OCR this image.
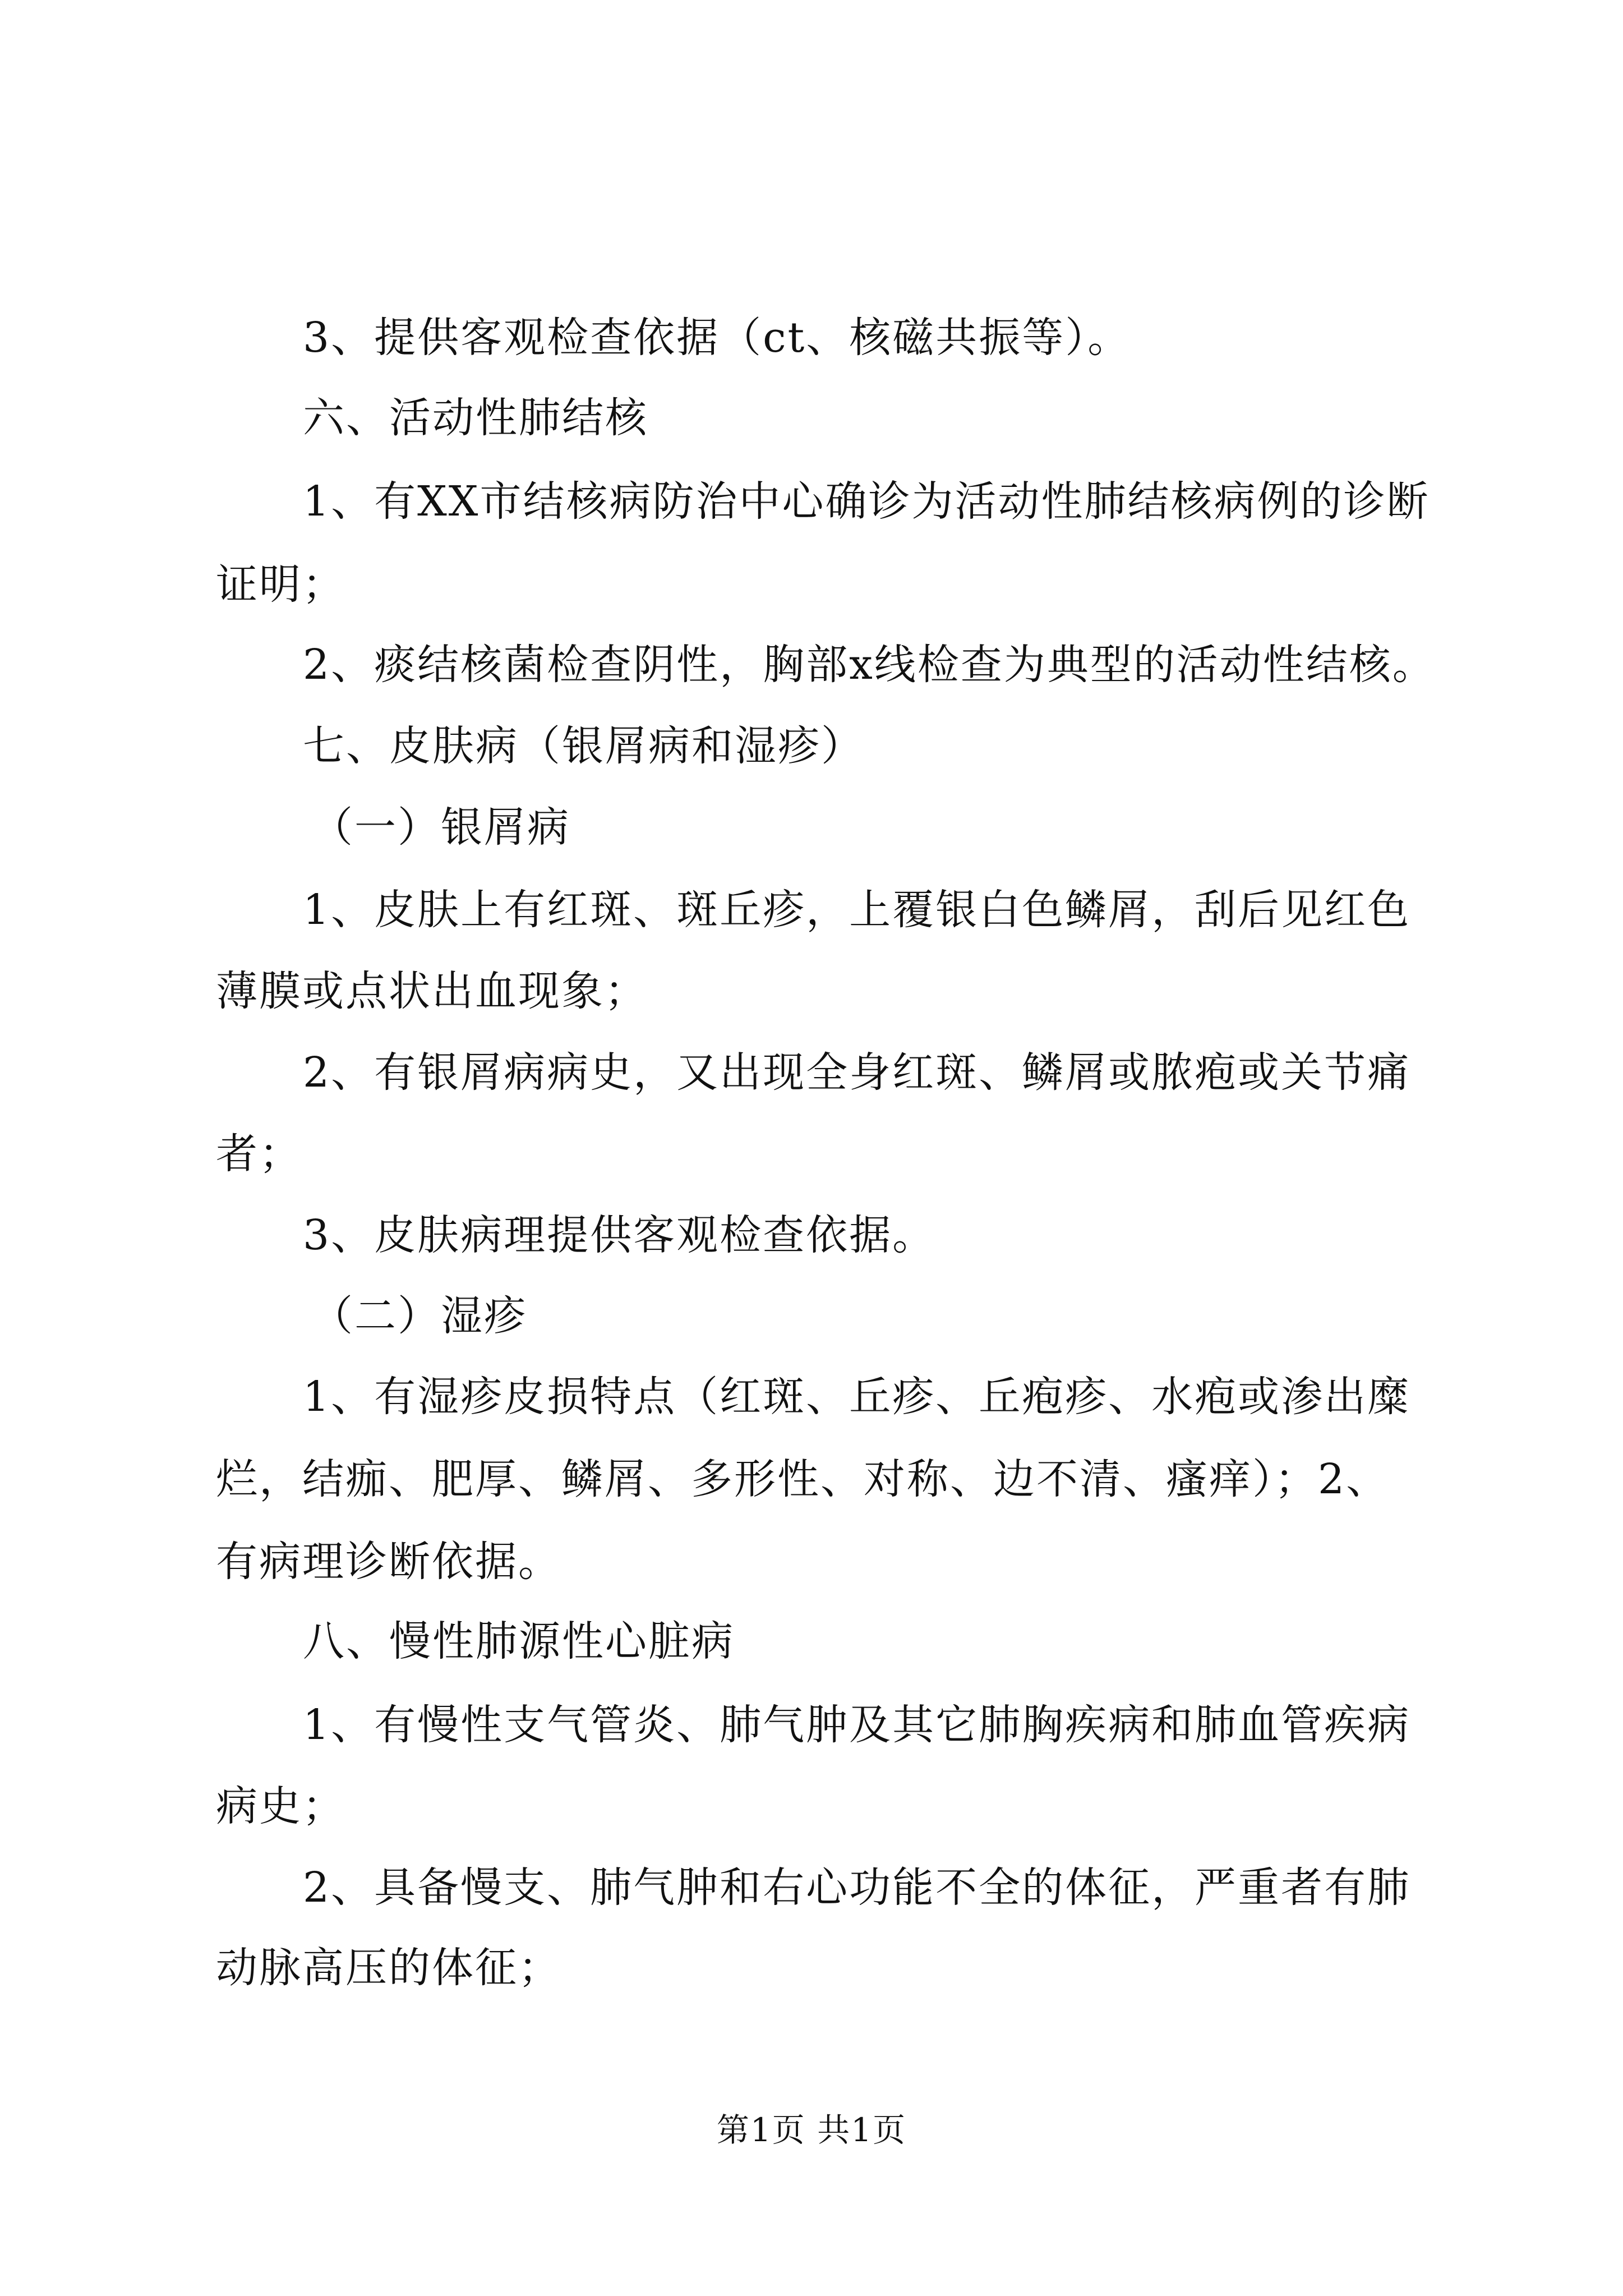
3、提供客观检查依据（ct、核磁共振等）。
六、活动性肺结核
1、有XX市结核病防治中心确诊为活动性肺结核病例的诊断
证明；
2、痰结核菌检查阴性，胸部x线检查为典型的活动性结核。
七、皮肤病（银屑病和湿疹）
（一）银屑病
1、皮肤上有红斑、斑丘疹，上覆银白色鳞屑，刮后见红色
薄膜或点状出血现象；
2、有银屑病病史，又出现全身红斑、鳞屑或脓疱或关节痛
者；
3、皮肤病理提供客观检查依据。
（二）湿疹
1、有湿疹皮损特点（红斑、丘疹、丘疱疹、水疱或渗出糜
烂，结痂、肥厚、鳞屑、多形性、对称、边不清、瘙痒）；2、
有病理诊断依据。
八、慢性肺源性心脏病
1、有慢性支气管炎、肺气肿及其它肺胸疾病和肺血管疾病
病史；
2、具备慢支、肺气肿和右心功能不全的体征，严重者有肺
动脉高压的体征；
第1页 共1页
